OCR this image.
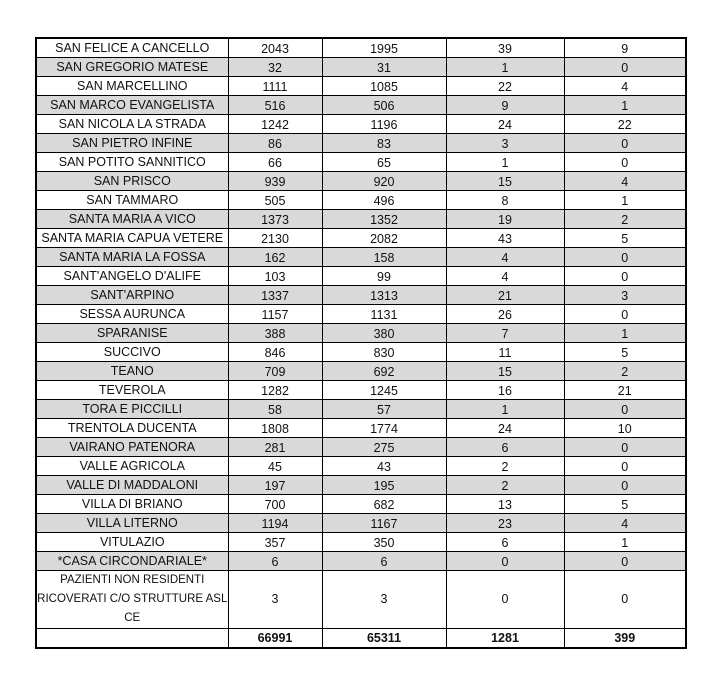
SAN FELICE A CANCELLO	2043	1995	39	9
SAN GREGORIO MATESE	32	31	1	0
SAN MARCELLINO	1111	1085	22	4
SAN MARCO EVANGELISTA	516	506	9	1
SAN NICOLA LA STRADA	1242	1196	24	22
SAN PIETRO INFINE	86	83	3	0
SAN POTITO SANNITICO	66	65	1	0
SAN PRISCO	939	920	15	4
SAN TAMMARO	505	496	8	1
SANTA MARIA A VICO	1373	1352	19	2
SANTA MARIA CAPUA VETERE	2130	2082	43	5
SANTA MARIA LA FOSSA	162	158	4	0
SANT'ANGELO D'ALIFE	103	99	4	0
SANT'ARPINO	1337	1313	21	3
SESSA AURUNCA	1157	1131	26	0
SPARANISE	388	380	7	1
SUCCIVO	846	830	11	5
TEANO	709	692	15	2
TEVEROLA	1282	1245	16	21
TORA E PICCILLI	58	57	1	0
TRENTOLA DUCENTA	1808	1774	24	10
VAIRANO PATENORA	281	275	6	0
VALLE AGRICOLA	45	43	2	0
VALLE DI MADDALONI	197	195	2	0
VILLA DI BRIANO	700	682	13	5
VILLA LITERNO	1194	1167	23	4
VITULAZIO	357	350	6	1
*CASA CIRCONDARIALE*	6	6	0	0
PAZIENTI NON RESIDENTI RICOVERATI C/O STRUTTURE ASL CE	3	3	0	0
	66991	65311	1281	399
